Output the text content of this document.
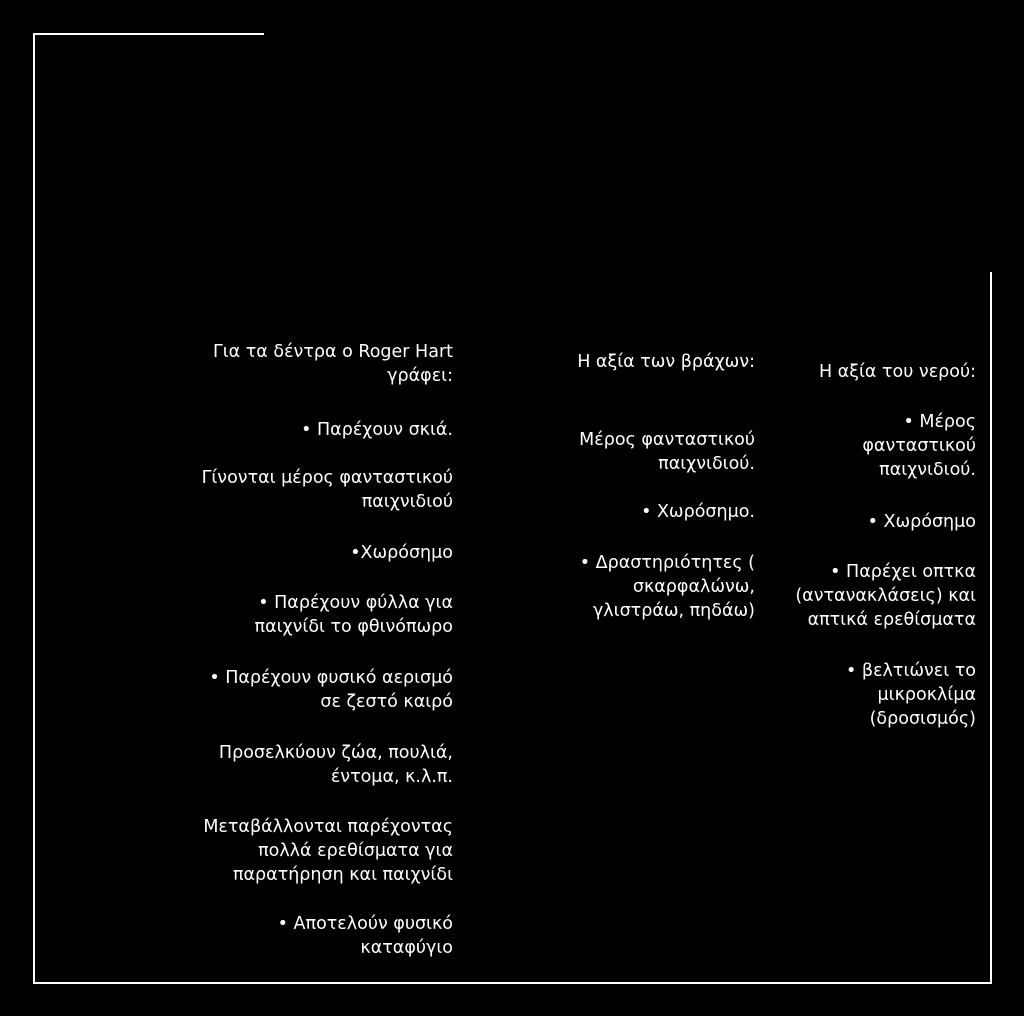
Για τα δέντρα ο Roger Hart
γράφει:
• Παρέχουν σκιά.
Γίνονται μέρος φανταστικού
παιχνιδιού
•Χωρόσημο
• Παρέχουν φύλλα για
παιχνίδι το φθινόπωρο
• Παρέχουν φυσικό αερισμό
σε ζεστό καιρό
Προσελκύουν ζώα, πουλιά,
έντομα, κ.λ.π.
Μεταβάλλονται παρέχοντας
πολλά ερεθίσματα για
παρατήρηση και παιχνίδι
• Αποτελούν φυσικό
καταφύγιο
Η αξία των βράχων:
Μέρος φανταστικού
παιχνιδιού.
• Χωρόσημο.
• Δραστηριότητες (
σκαρφαλώνω,
γλιστράω, πηδάω)
Η αξία του νερού:
• Μέρος
φανταστικού
παιχνιδιού.
• Χωρόσημο
• Παρέχει οπτκα
(αντανακλάσεις) και
απτικά ερεθίσματα
• βελτιώνει το
μικροκλίμα
(δροσισμός)
